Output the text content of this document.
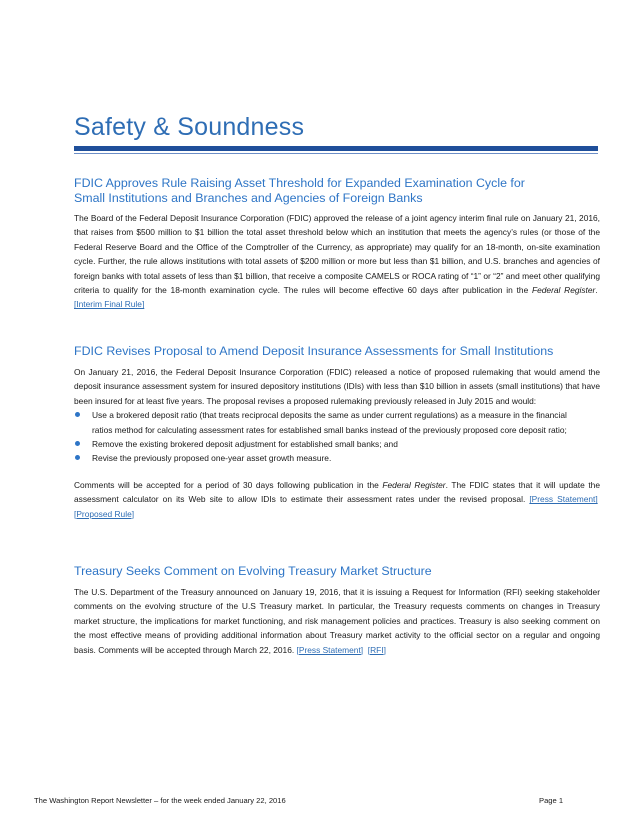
Safety & Soundness
FDIC Approves Rule Raising Asset Threshold for Expanded Examination Cycle for
Small Institutions and Branches and Agencies of Foreign Banks

The Board of the Federal Deposit Insurance Corporation (FDIC) approved the release of a joint agency interim final rule on January 21, 2016, that raises from $500 million to $1 billion the total asset threshold below which an institution that meets the agency’s rules (or those of the Federal Reserve Board and the Office of the Comptroller of the Currency, as appropriate) may qualify for an 18-month, on-site examination cycle. Further, the rule allows institutions with total assets of $200 million or more but less than $1 billion, and U.S. branches and agencies of foreign banks with total assets of less than $1 billion, that receive a composite CAMELS or ROCA rating of “1” or “2” and meet other qualifying criteria to qualify for the 18-month examination cycle. The rules will become effective 60 days after publication in the Federal Register.  [Interim Final Rule]

FDIC Revises Proposal to Amend Deposit Insurance Assessments for Small Institutions

On January 21, 2016, the Federal Deposit Insurance Corporation (FDIC) released a notice of proposed rulemaking that would amend the deposit insurance assessment system for insured depository institutions (IDIs) with less than $10 billion in assets (small institutions) that have been insured for at least five years. The proposal revises a proposed rulemaking previously released in July 2015 and would:

Use a brokered deposit ratio (that treats reciprocal deposits the same as under current regulations) as a measure in the financial ratios method for calculating assessment rates for established small banks instead of the previously proposed core deposit ratio;
Remove the existing brokered deposit adjustment for established small banks; and
Revise the previously proposed one-year asset growth measure.

Comments will be accepted for a period of 30 days following publication in the Federal Register. The FDIC states that it will update the assessment calculator on its Web site to allow IDIs to estimate their assessment rates under the revised proposal. [Press Statement]  [Proposed Rule]

Treasury Seeks Comment on Evolving Treasury Market Structure

The U.S. Department of the Treasury announced on January 19, 2016, that it is issuing a Request for Information (RFI) seeking stakeholder comments on the evolving structure of the U.S Treasury market. In particular, the Treasury requests comments on changes in Treasury market structure, the implications for market functioning, and risk management policies and practices. Treasury is also seeking comment on the most effective means of providing additional information about Treasury market activity to the official sector on a regular and ongoing basis. Comments will be accepted through March 22, 2016. [Press Statement] [RFI]

The Washington Report Newsletter – for the week ended January 22, 2016	Page 1
